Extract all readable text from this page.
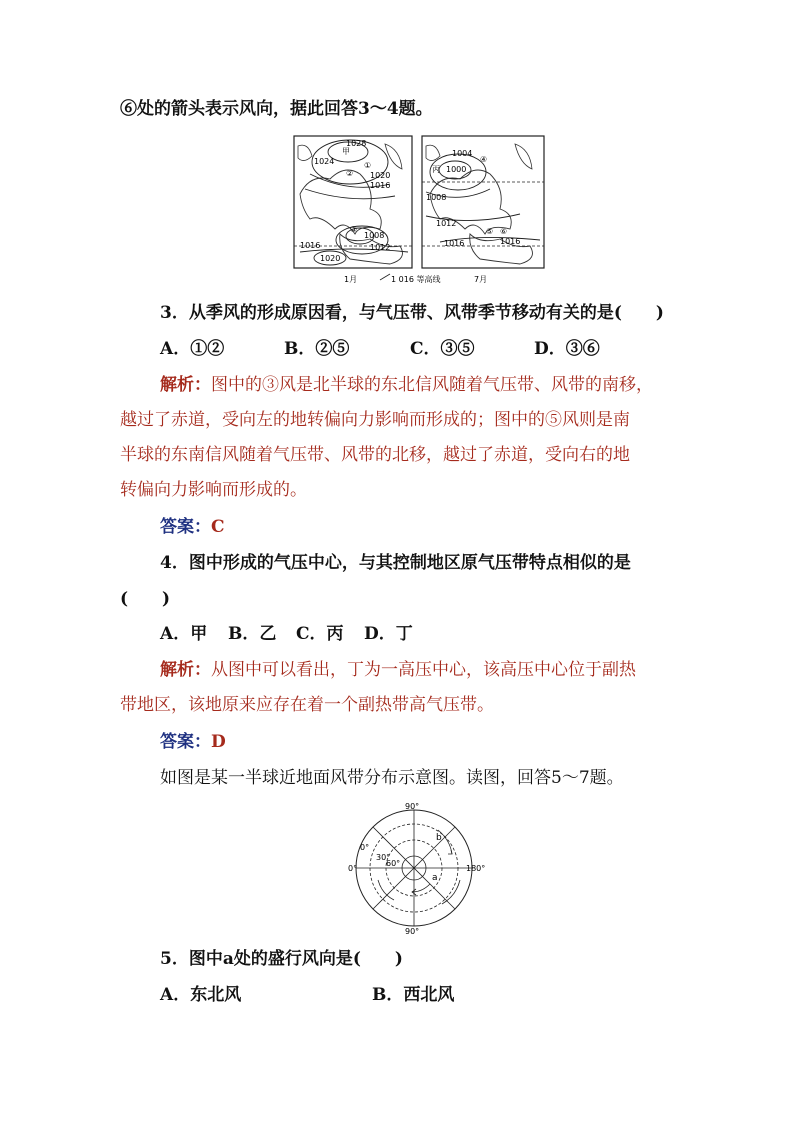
⑥处的箭头表示风向，据此回答3～4题。
1028
甲
1024	①
1020
1016
②
③
1008
1012
1016
1020
1004
1000
丙
④
1008
1012
⑤ ⑥
1016	1016
1月	1 016 等高线	7月
3．从季风的形成原因看，与气压带、风带季节移动有关的是(　　)
A．①②	B．②⑤	C．③⑤	D．③⑥
解析：图中的③风是北半球的东北信风随着气压带、风带的南移，
越过了赤道，受向左的地转偏向力影响而形成的；图中的⑤风则是南
半球的东南信风随着气压带、风带的北移，越过了赤道，受向右的地
转偏向力影响而形成的。
答案：C
4．图中形成的气压中心，与其控制地区原气压带特点相似的是
(　　)
A．甲 B．乙 C．丙 D．丁
解析：从图中可以看出，丁为一高压中心，该高压中心位于副热
带地区，该地原来应存在着一个副热带高气压带。
答案：D
如图是某一半球近地面风带分布示意图。读图，回答5～7题。
90°
90°
0°
0°	180°
30°
60°
a
b
5．图中a处的盛行风向是(　　)
A．东北风	B．西北风
